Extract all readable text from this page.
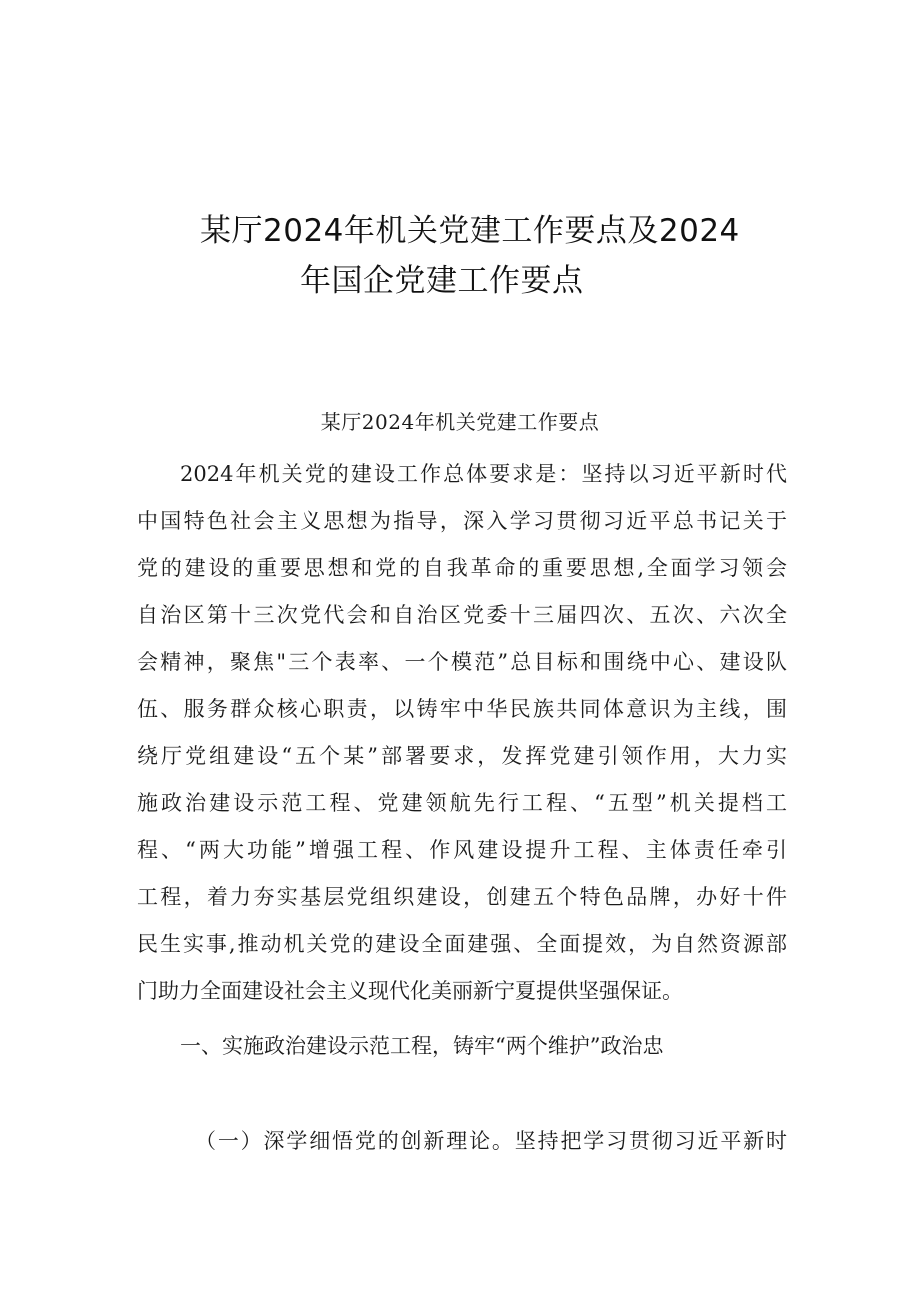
某厅2024年机关党建工作要点及2024
年国企党建工作要点
某厅2024年机关党建工作要点
2024年机关党的建设工作总体要求是：坚持以习近平新时代
中国特色社会主义思想为指导，深入学习贯彻习近平总书记关于
党的建设的重要思想和党的自我革命的重要思想,全面学习领会
自治区第十三次党代会和自治区党委十三届四次、五次、六次全
会精神，聚焦"三个表率、一个模范”总目标和围绕中心、建设队
伍、服务群众核心职责，以铸牢中华民族共同体意识为主线，围
绕厅党组建设“五个某”部署要求，发挥党建引领作用，大力实
施政治建设示范工程、党建领航先行工程、“五型”机关提档工
程、“两大功能”增强工程、作风建设提升工程、主体责任牵引
工程，着力夯实基层党组织建设，创建五个特色品牌，办好十件
民生实事,推动机关党的建设全面建强、全面提效，为自然资源部
门助力全面建设社会主义现代化美丽新宁夏提供坚强保证。
一、实施政治建设示范工程，铸牢“两个维护”政治忠
（一）深学细悟党的创新理论。坚持把学习贯彻习近平新时
